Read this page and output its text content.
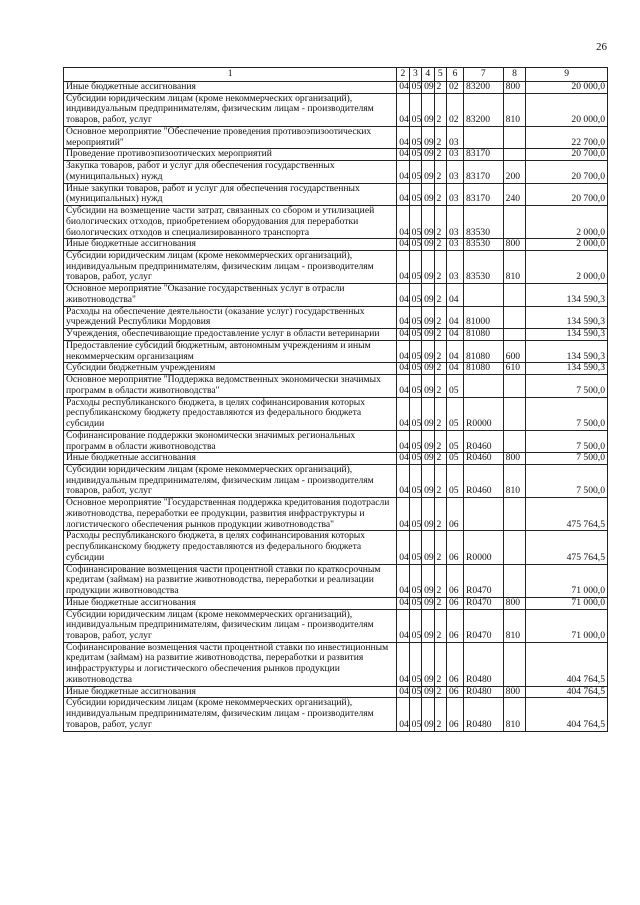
26
1	2	3	4	5	6	7	8	9
Иные бюджетные ассигнования	04	05	09	2	02	83200	800	20 000,0
Субсидии юридическим лицам (кроме некоммерческих организаций), индивидуальным предпринимателям, физическим лицам - производителям товаров, работ, услуг	04	05	09	2	02	83200	810	20 000,0
Основное мероприятие "Обеспечение проведения противоэпизоотических мероприятий"	04	05	09	2	03			22 700,0
Проведение противоэпизоотических мероприятий	04	05	09	2	03	83170		20 700,0
Закупка товаров, работ и услуг для обеспечения государственных (муниципальных) нужд	04	05	09	2	03	83170	200	20 700,0
Иные закупки товаров, работ и услуг для обеспечения государственных (муниципальных) нужд	04	05	09	2	03	83170	240	20 700,0
Субсидии на возмещение части затрат, связанных со сбором и утилизацией биологических отходов, приобретением оборудования для переработки биологических отходов и специализированного транспорта	04	05	09	2	03	83530		2 000,0
Иные бюджетные ассигнования	04	05	09	2	03	83530	800	2 000,0
Субсидии юридическим лицам (кроме некоммерческих организаций), индивидуальным предпринимателям, физическим лицам - производителям товаров, работ, услуг	04	05	09	2	03	83530	810	2 000,0
Основное мероприятие "Оказание государственных услуг в отрасли животноводства"	04	05	09	2	04			134 590,3
Расходы на обеспечение деятельности (оказание услуг) государственных учреждений Республики Мордовия	04	05	09	2	04	81000		134 590,3
Учреждения, обеспечивающие предоставление услуг в области ветеринарии	04	05	09	2	04	81080		134 590,3
Предоставление субсидий бюджетным, автономным учреждениям и иным некоммерческим организациям	04	05	09	2	04	81080	600	134 590,3
Субсидии бюджетным учреждениям	04	05	09	2	04	81080	610	134 590,3
Основное мероприятие "Поддержка ведомственных экономически значимых программ в области животноводства"	04	05	09	2	05			7 500,0
Расходы республиканского бюджета, в целях софинансирования которых республиканскому бюджету предоставляются из федерального бюджета субсидии	04	05	09	2	05	R0000		7 500,0
Софинансирование поддержки экономически значимых региональных программ в области животноводства	04	05	09	2	05	R0460		7 500,0
Иные бюджетные ассигнования	04	05	09	2	05	R0460	800	7 500,0
Субсидии юридическим лицам (кроме некоммерческих организаций), индивидуальным предпринимателям, физическим лицам - производителям товаров, работ, услуг	04	05	09	2	05	R0460	810	7 500,0
Основное мероприятие "Государственная поддержка кредитования подотрасли животноводства, переработки ее продукции, развития инфраструктуры и логистического обеспечения рынков продукции животноводства"	04	05	09	2	06			475 764,5
Расходы республиканского бюджета, в целях софинансирования которых республиканскому бюджету предоставляются из федерального бюджета субсидии	04	05	09	2	06	R0000		475 764,5
Софинансирование возмещения части процентной ставки по краткосрочным кредитам (займам) на развитие животноводства, переработки и реализации продукции животноводства	04	05	09	2	06	R0470		71 000,0
Иные бюджетные ассигнования	04	05	09	2	06	R0470	800	71 000,0
Субсидии юридическим лицам (кроме некоммерческих организаций), индивидуальным предпринимателям, физическим лицам - производителям товаров, работ, услуг	04	05	09	2	06	R0470	810	71 000,0
Софинансирование возмещения части процентной ставки по инвестиционным кредитам (займам) на развитие животноводства, переработки и развития инфраструктуры и логистического обеспечения рынков продукции животноводства	04	05	09	2	06	R0480		404 764,5
Иные бюджетные ассигнования	04	05	09	2	06	R0480	800	404 764,5
Субсидии юридическим лицам (кроме некоммерческих организаций), индивидуальным предпринимателям, физическим лицам - производителям товаров, работ, услуг	04	05	09	2	06	R0480	810	404 764,5
